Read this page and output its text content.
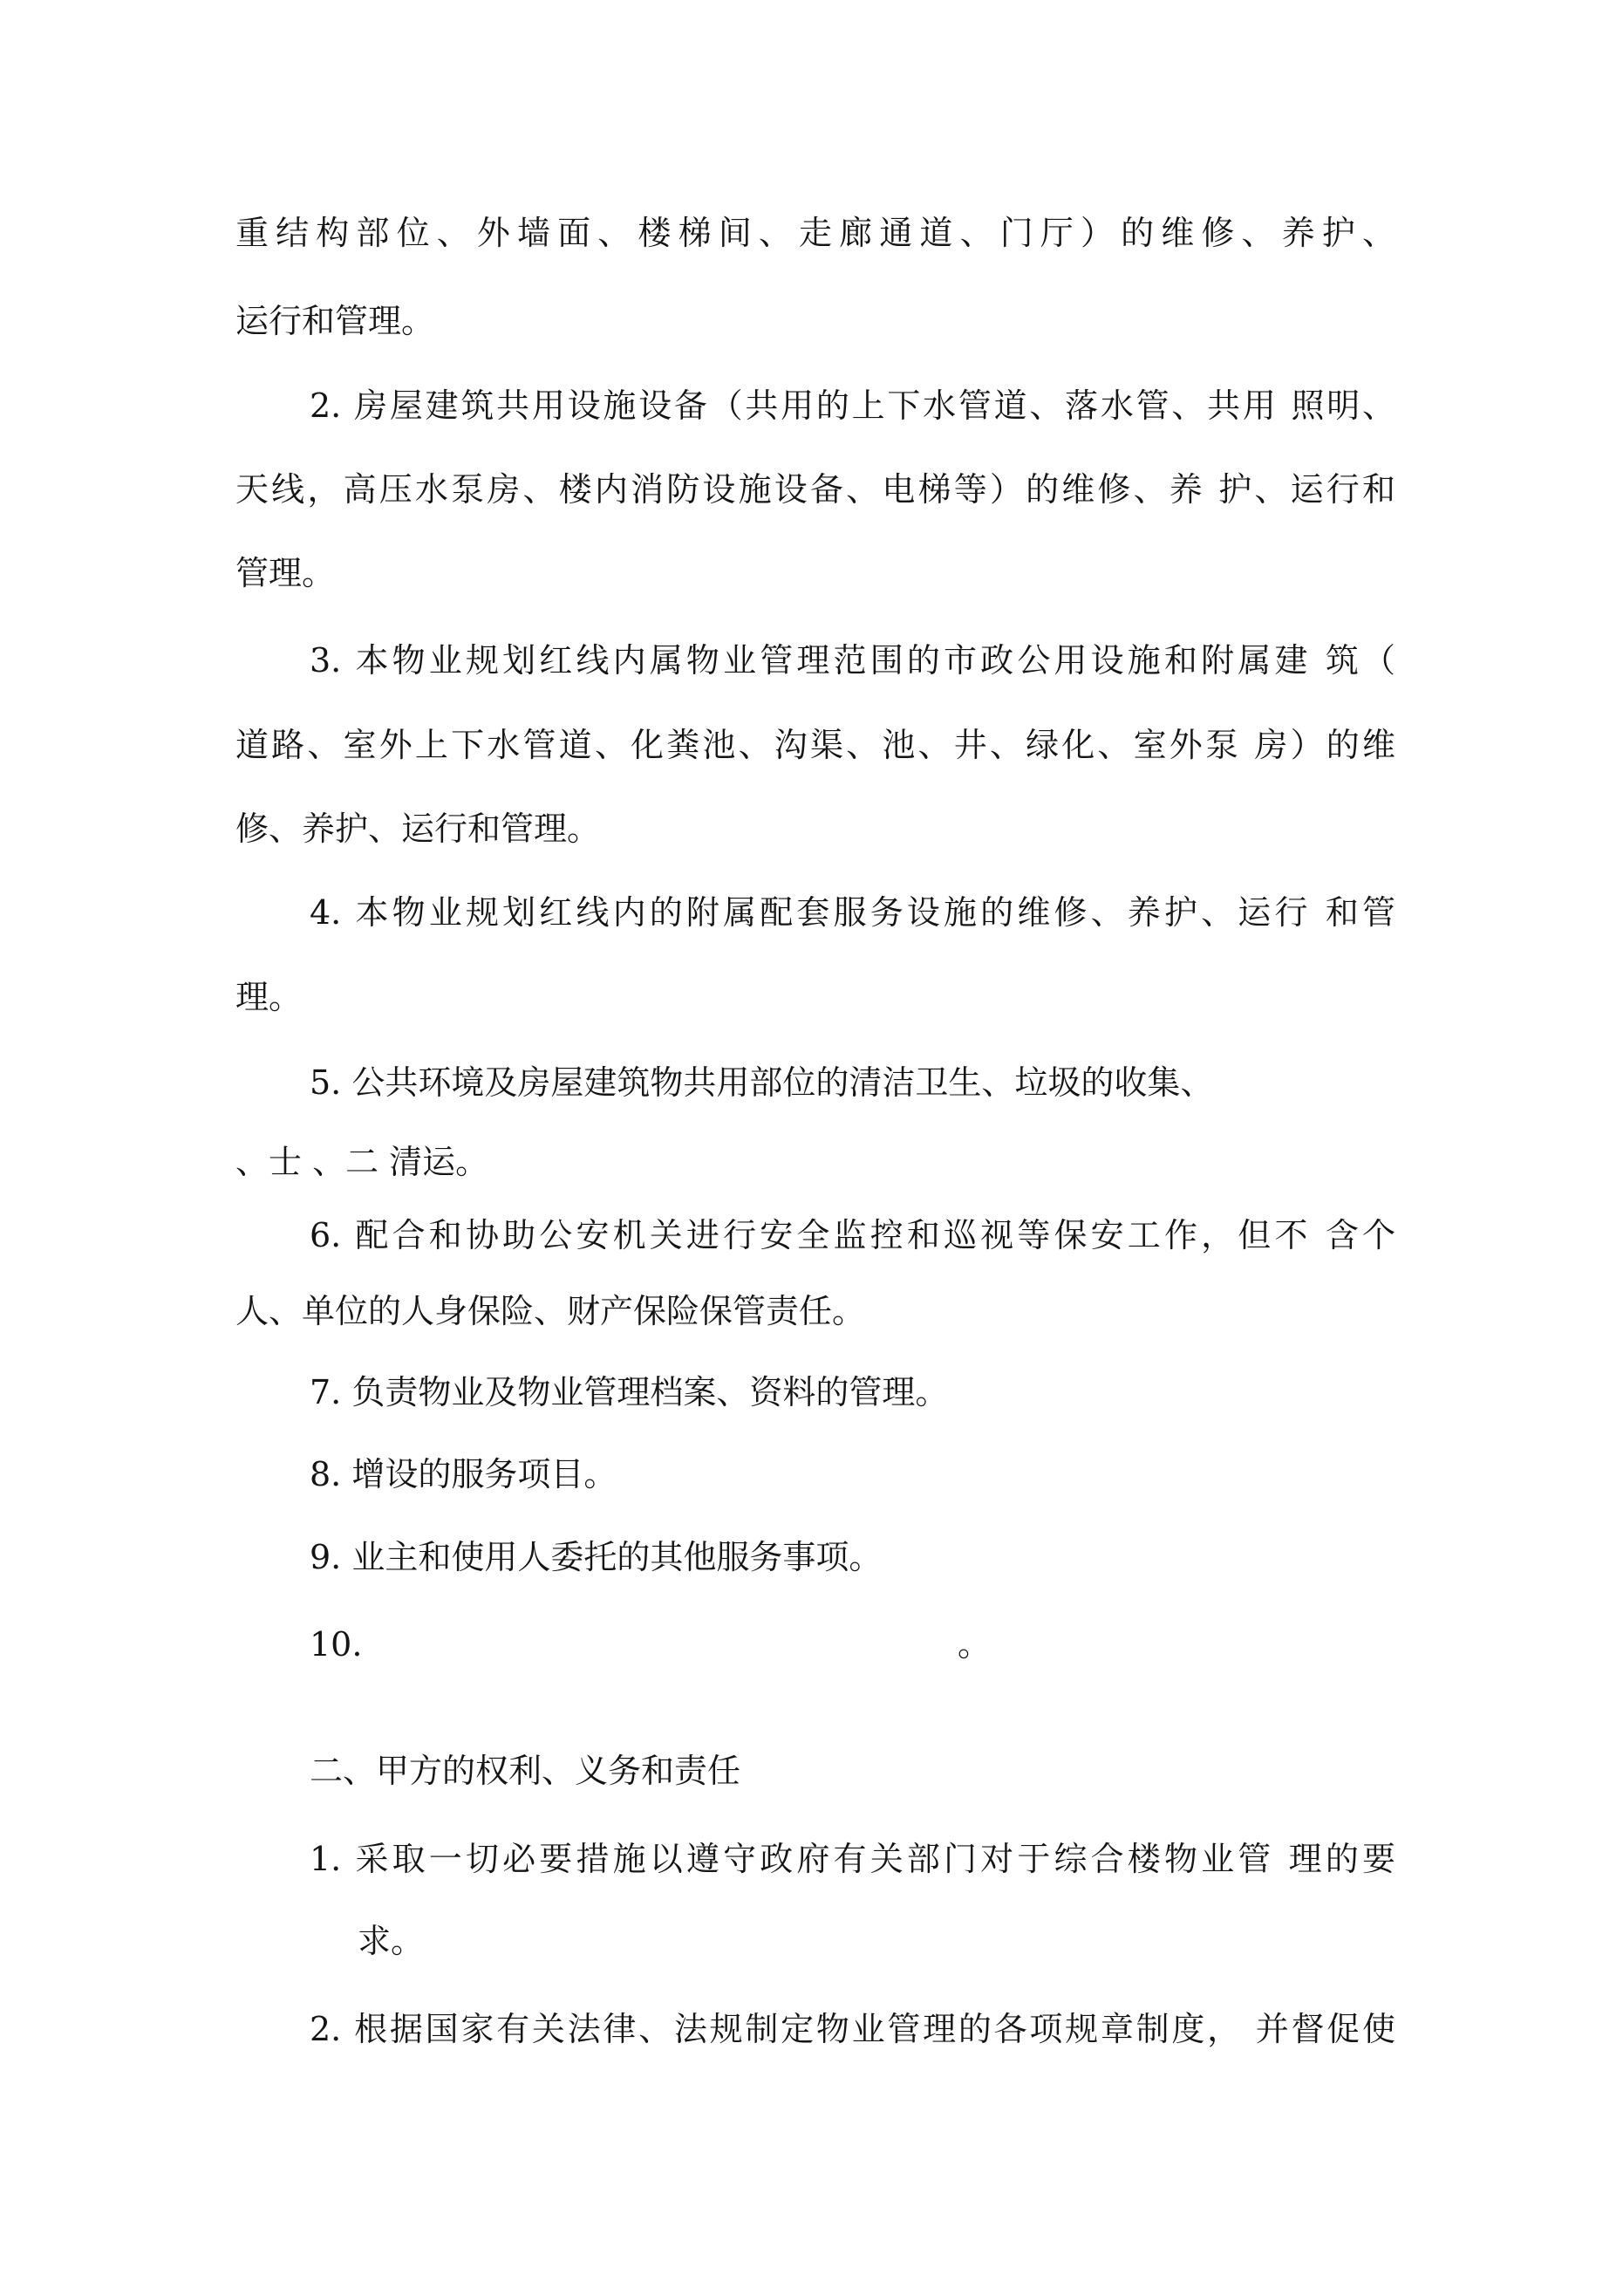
重结构部位、外墙面、楼梯间、走廊通道、门厅）的维修、养护、
运行和管理。
2. 房屋建筑共用设施设备（共用的上下水管道、落水管、共用 照明、
天线，高压水泵房、楼内消防设施设备、电梯等）的维修、养 护、运行和
管理。
3. 本物业规划红线内属物业管理范围的市政公用设施和附属建 筑（
道路、室外上下水管道、化粪池、沟渠、池、井、绿化、室外泵 房）的维
修、养护、运行和管理。
4. 本物业规划红线内的附属配套服务设施的维修、养护、运行 和管
理。
5. 公共环境及房屋建筑物共用部位的清洁卫生、垃圾的收集、
、士 、二 清运。
6. 配合和协助公安机关进行安全监控和巡视等保安工作，但不 含个
人、单位的人身保险、财产保险保管责任。
7. 负责物业及物业管理档案、资料的管理。
8. 增设的服务项目。
9. 业主和使用人委托的其他服务事项。
10.	。
二、甲方的权利、义务和责任
1. 采取一切必要措施以遵守政府有关部门对于综合楼物业管 理的要
求。
2. 根据国家有关法律、法规制定物业管理的各项规章制度， 并督促使
